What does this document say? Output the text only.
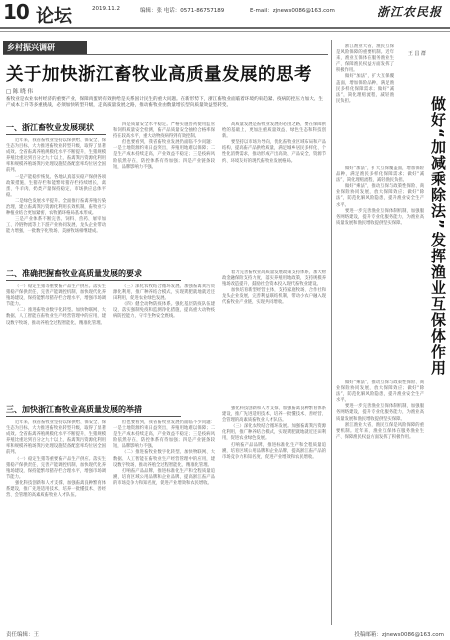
10 论坛	2019.11.2	编辑：张 电话：0571-86757189	E-mail：zjnews0086@163.com	浙江农民报
乡村振兴调研
关于加快浙江畜牧业高质量发展的思考
□ 陈 晓 伟
畜牧业是农业农村经济的重要产业，保障肉蛋奶有效供给是关系国计民生的重大问题。在新形势下，浙江畜牧业面临着环境约束趋紧、疫病防控压力加大、生产成本上升等多重挑战，必须加快转型升级，走高质量发展之路，推动畜牧业由数量增长型向质量效益型转变。
一、浙江畜牧业发展现状

近年来，我省畜牧业坚持以保供给、保安全、保生态为目标，大力推进畜牧业转型升级，取得了显著成效。全省畜禽养殖规模化水平不断提升，生猪规模养殖比重达到百分之九十以上，畜禽粪污资源化利用率和规模养殖场粪污处理设施装备配套率均位居全国前列。

一是产能稳步恢复。各地认真落实稳产保供各项政策措施，生猪存栏和能繁母猪存栏持续增长，禽蛋、牛羊肉、奶类产量保持稳定，市场供应总体平稳。

二是绿色发展水平提升。全面推行畜禽养殖污染治理，建立畜禽粪污资源化利用长效机制，畜牧业与种植业结合更加紧密，农牧循环格局基本形成。

三是产业体系不断完善。饲料、兽药、屠宰加工、冷链物流等上下游产业协同发展，龙头企业带动能力增强，一批数字化牧场、美丽牧场相继建成。

四是质量安全水平稳定。严格实施兽药使用监管和饲料质量安全检测，畜产品质量安全抽检合格率保持在较高水平，重大动物疫病得到有效控制。

但也要看到，我省畜牧业发展仍面临不少问题：一是土地资源约束日益突出，养殖用地难以保障；二是生产成本持续走高，产业效益不稳定；三是疫病风险依然存在，防控体系有待加强；四是产业链条较短，品牌影响力不强。

高质量发展是畜牧业发展的必由之路，要在保障供给的基础上，更加注重质量效益、绿色生态和科技创新。

要坚持以市场为导向，优化畜牧业区域布局和产品结构，提高畜产品供给质量，满足城乡居民多样化、个性化消费需求，推动形成产出高效、产品安全、资源节约、环境友好的现代畜牧业发展格局。

二、准确把握畜牧业高质量发展的要求

（一）稳定生猪等重要畜产品生产供应。落实生猪稳产保供责任，完善产能调控机制，加快现代化养殖场建设，保持能繁母猪存栏合理水平，增强市场调节能力。

（二）推进畜牧业数字化转型。加快物联网、大数据、人工智能在畜牧业生产经营管理中的应用，建设数字牧场，推动养殖全过程智能化、精准化管理。

（三）深化农牧结合循环发展。加强畜禽粪污资源化利用，推广种养结合模式，实现粪肥就地就近还田利用，促进农业绿色发展。

（四）健全动物防疫体系。强化基层防疫队伍建设，落实强制免疫和监测净化措施，提高重大动物疫病防控能力，守牢生物安全底线。

着力完善畜牧业高质量发展政策支持体系，加大财政金融保险支持力度，落实养殖用地政策，支持规模养殖场改造提升，鼓励社会资本投入现代畜牧业建设。

加快培育新型经营主体，支持家庭牧场、合作社和龙头企业发展，完善利益联结机制，带动小农户融入现代畜牧业产业链，实现共同增收。

三、加快浙江畜牧业高质量发展的举措

近年来，我省畜牧业坚持以保供给、保安全、保生态为目标，大力推进畜牧业转型升级，取得了显著成效。全省畜禽养殖规模化水平不断提升，生猪规模养殖比重达到百分之九十以上，畜禽粪污资源化利用率和规模养殖场粪污处理设施装备配套率均位居全国前列。

（一）稳定生猪等重要畜产品生产供应。落实生猪稳产保供责任，完善产能调控机制，加快现代化养殖场建设，保持能繁母猪存栏合理水平，增强市场调节能力。

强化科技创新和人才支撑，加强畜禽良种繁育体系建设，推广先进适用技术，培养一批懂技术、善经营、会管理的高素质畜牧业人才队伍。

但也要看到，我省畜牧业发展仍面临不少问题：一是土地资源约束日益突出，养殖用地难以保障；二是生产成本持续走高，产业效益不稳定；三是疫病风险依然存在，防控体系有待加强；四是产业链条较短，品牌影响力不强。

（二）推进畜牧业数字化转型。加快物联网、大数据、人工智能在畜牧业生产经营管理中的应用，建设数字牧场，推动养殖全过程智能化、精准化管理。

打响畜产品品牌，推进标准化生产和全程质量追溯，培育区域公用品牌和企业品牌，提高浙江畜产品的市场竞争力和知名度，促进产业增效和农民增收。

强化科技创新和人才支撑，加强畜禽良种繁育体系建设，推广先进适用技术，培养一批懂技术、善经营、会管理的高素质畜牧业人才队伍。

（三）深化农牧结合循环发展。加强畜禽粪污资源化利用，推广种养结合模式，实现粪肥就地就近还田利用，促进农业绿色发展。

打响畜产品品牌，推进标准化生产和全程质量追溯，培育区域公用品牌和企业品牌，提高浙江畜产品的市场竞争力和知名度，促进产业增效和农民增收。

王 昌 群
做好“加减乘除法”
发挥渔业互保体作用

浙江渔业大省，渔民互保是风险保障的重要机制。近年来，渔业互保体在服务渔业生产、保障渔民权益方面发挥了积极作用。

做好“加法”，扩大互保覆盖面，增加保险品种，满足渔民多样化保障需求；做好“减法”，简化理赔流程，减轻渔民负担。

做好“加法”，扩大互保覆盖面，增加保险品种，满足渔民多样化保障需求；做好“减法”，简化理赔流程，减轻渔民负担。

做好“乘法”，推动互保与政策性保险、商业保险协同发展，放大保障效应；做好“除法”，防范化解风险隐患，提升渔业安全生产水平。

要进一步完善渔业互保体制机制，加强服务网络建设，提升专业化服务能力，为渔业高质量发展和渔民增收提供坚实保障。

做好“乘法”，推动互保与政策性保险、商业保险协同发展，放大保障效应；做好“除法”，防范化解风险隐患，提升渔业安全生产水平。

要进一步完善渔业互保体制机制，加强服务网络建设，提升专业化服务能力，为渔业高质量发展和渔民增收提供坚实保障。

浙江渔业大省，渔民互保是风险保障的重要机制。近年来，渔业互保体在服务渔业生产、保障渔民权益方面发挥了积极作用。

责任编辑：王	投稿邮箱：zjnews0086@163.com
